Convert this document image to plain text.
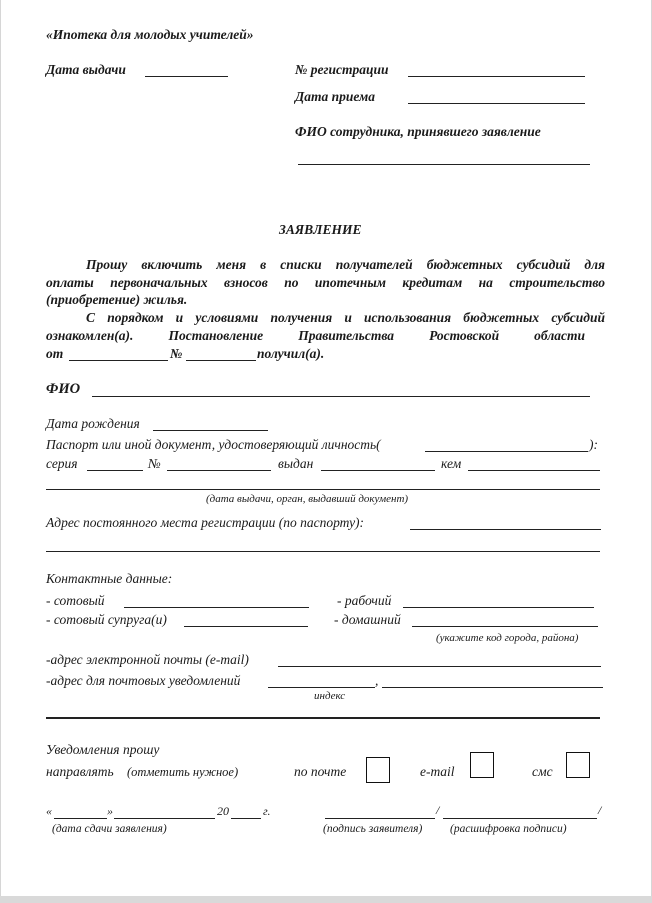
«Ипотека для молодых учителей»
Дата выдачи	№ регистрации
Дата приема
ФИО сотрудника, принявшего заявление
ЗАЯВЛЕНИЕ
Прошу включить меня в списки получателей бюджетных субсидий для
оплаты первоначальных взносов по ипотечным кредитам на строительство
(приобретение) жилья.
С порядком и условиями получения и использования бюджетных субсидий
ознакомлен(а). Постановление Правительства Ростовской области
от	№	получил(а).
ФИО
Дата рождения
Паспорт или иной документ, удостоверяющий личность(	):
серия	№	выдан	кем
(дата выдачи, орган, выдавший документ)
Адрес постоянного места регистрации (по паспорту):
Контактные данные:
- сотовый	- рабочий
- сотовый супруга(и)	- домашний
(укажите код города, района)
-адрес электронной почты (e-mail)
-адрес для почтовых уведомлений	,
индекс
Уведомления прошу
направлять (отметить нужное)	по почте	e-mail	смс
«	»	20	г.	/	/
(дата сдачи заявления)	(подпись заявителя) (расшифровка подписи)
